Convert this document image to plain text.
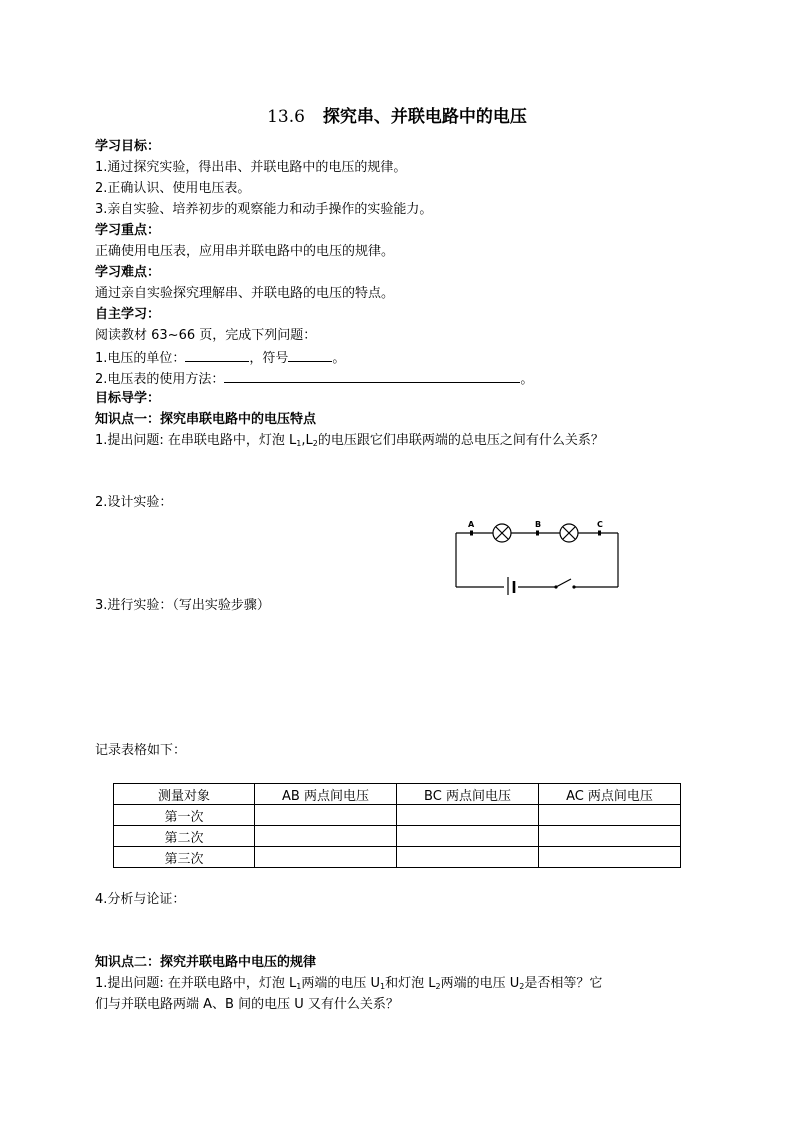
13.6 探究串、并联电路中的电压
学习目标：
1.通过探究实验，得出串、并联电路中的电压的规律。
2.正确认识、使用电压表。
3.亲自实验、培养初步的观察能力和动手操作的实验能力。
学习重点：
正确使用电压表，应用串并联电路中的电压的规律。
学习难点：
通过亲自实验探究理解串、并联电路的电压的特点。
自主学习：
阅读教材 63~66 页，完成下列问题：
1.电压的单位：	，符号	。
2.电压表的使用方法：	。
目标导学：
知识点一：探究串联电路中的电压特点
1.提出问题: 在串联电路中，灯泡 $L_1,L_2$的电压跟它们串联两端的总电压之间有什么关系？
2.设计实验：
A	B	C
3.进行实验：（写出实验步骤）
记录表格如下：
测量对象	AB 两点间电压	BC 两点间电压	AC 两点间电压
第一次			
第二次			
第三次			
4.分析与论证：
知识点二：探究并联电路中电压的规律
1.提出问题: 在并联电路中，灯泡 $L_1$两端的电压 $U_1$和灯泡 $L_2$两端的电压 $U_2$是否相等？它
们与并联电路两端 A、B 间的电压 U 又有什么关系？
